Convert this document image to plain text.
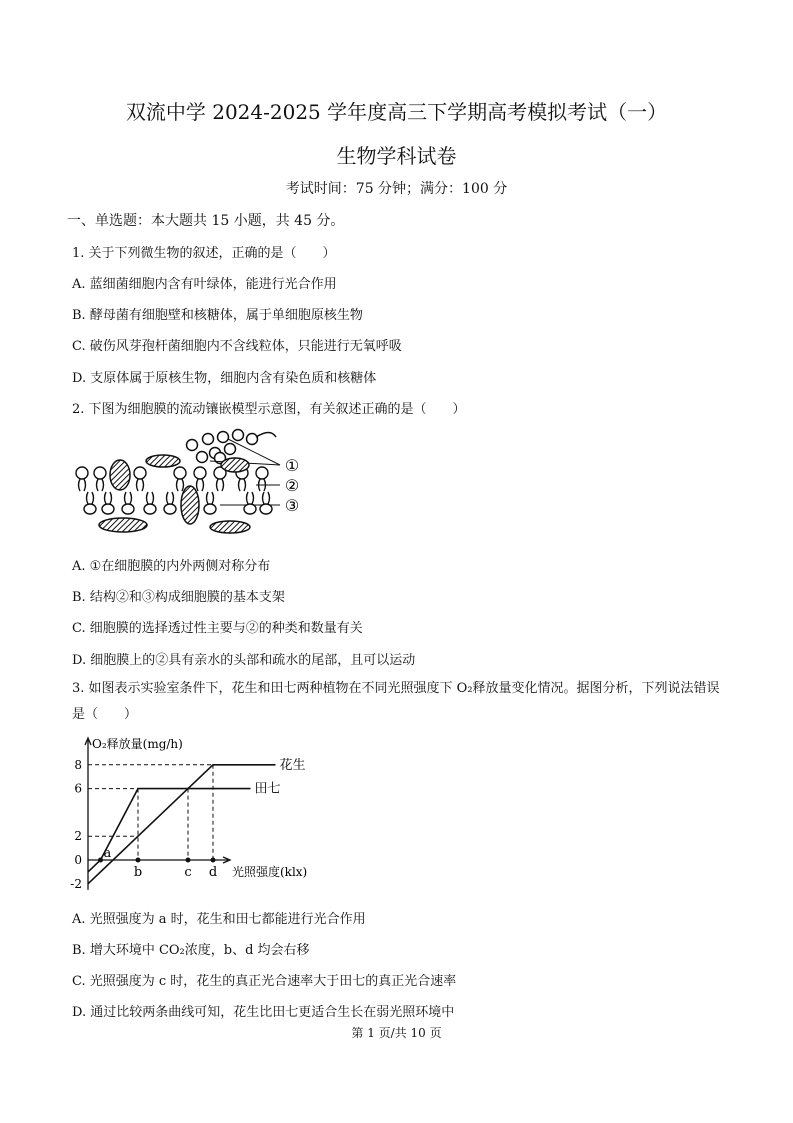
双流中学 2024-2025 学年度高三下学期高考模拟考试（一）
生物学科试卷
考试时间：75 分钟；满分：100 分
一、单选题：本大题共 15 小题，共 45 分。
1. 关于下列微生物的叙述，正确的是（　　）
A. 蓝细菌细胞内含有叶绿体，能进行光合作用
B. 酵母菌有细胞壁和核糖体，属于单细胞原核生物
C. 破伤风芽孢杆菌细胞内不含线粒体，只能进行无氧呼吸
D. 支原体属于原核生物，细胞内含有染色质和核糖体
2. 下图为细胞膜的流动镶嵌模型示意图，有关叙述正确的是（　　）
①
②
③
A. ①在细胞膜的内外两侧对称分布
B. 结构②和③构成细胞膜的基本支架
C. 细胞膜的选择透过性主要与②的种类和数量有关
D. 细胞膜上的②具有亲水的头部和疏水的尾部，且可以运动
3. 如图表示实验室条件下，花生和田七两种植物在不同光照强度下 O₂释放量变化情况。据图分析，下列说法错误　是（　　）
O₂释放量(mg/h)
光照强度(klx)
8
6
2
0
-2
花生
田七
a
b	c d
A. 光照强度为 a 时，花生和田七都能进行光合作用
B. 增大环境中 CO₂浓度，b、d 均会右移
C. 光照强度为 c 时，花生的真正光合速率大于田七的真正光合速率
D. 通过比较两条曲线可知，花生比田七更适合生长在弱光照环境中
第 1 页/共 10 页
